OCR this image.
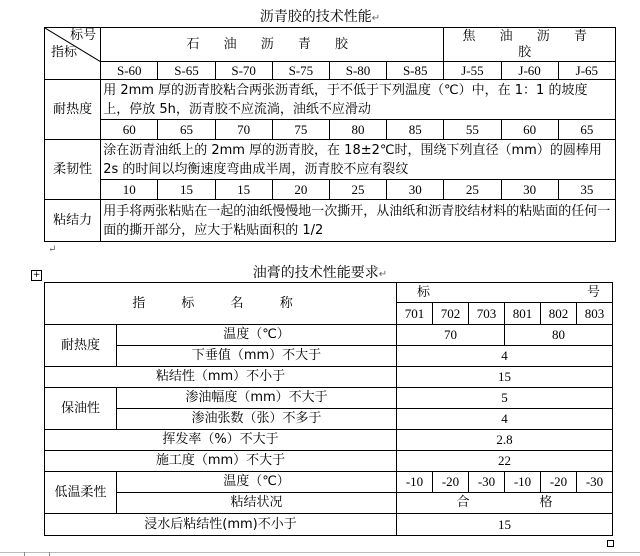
沥青胶的技术性能↵
标号
指标	石 油 沥 青 胶						焦 油 沥 青 胶		
	S-60	S-65	S-70	S-75	S-80	S-85	J-55	J-60	J-65
耐热度	用 2mm 厚的沥青胶粘合两张沥青纸，于不低于下列温度（℃）中，在 1：1 的坡度上，停放 5h，沥青胶不应流淌，油纸不应滑动								
	60	65	70	75	80	85	55	60	65
柔韧性	涂在沥青油纸上的 2mm 厚的沥青胶，在 18±2℃时，围绕下列直径（mm）的圆棒用 2s 的时间以均衡速度弯曲成半周，沥青胶不应有裂纹								
	10	15	15	20	25	30	25	30	35
粘结力	用手将两张粘贴在一起的油纸慢慢地一次撕开，从油纸和沥青胶结材料的粘贴面的任何一面的撕开部分，应大于粘贴面积的 1/2								
↵
油膏的技术性能要求↵
+
指 标 名 称		标 号					

		701	702	703	801	802	803
耐热度	温度（℃）	70			80		
	下垂值（mm）不大于	4					
粘结性（mm）不小于		15					
保油性	渗油幅度（mm）不大于	5					
	渗油张数（张）不多于	4					
挥发率（%）不大于		2.8					
施工度（mm）不大于		22					
低温柔性	温度（℃）	-10	-20	-30	-10	-20	-30
	粘结状况	合 格					
浸水后粘结性(mm)不小于		15					
